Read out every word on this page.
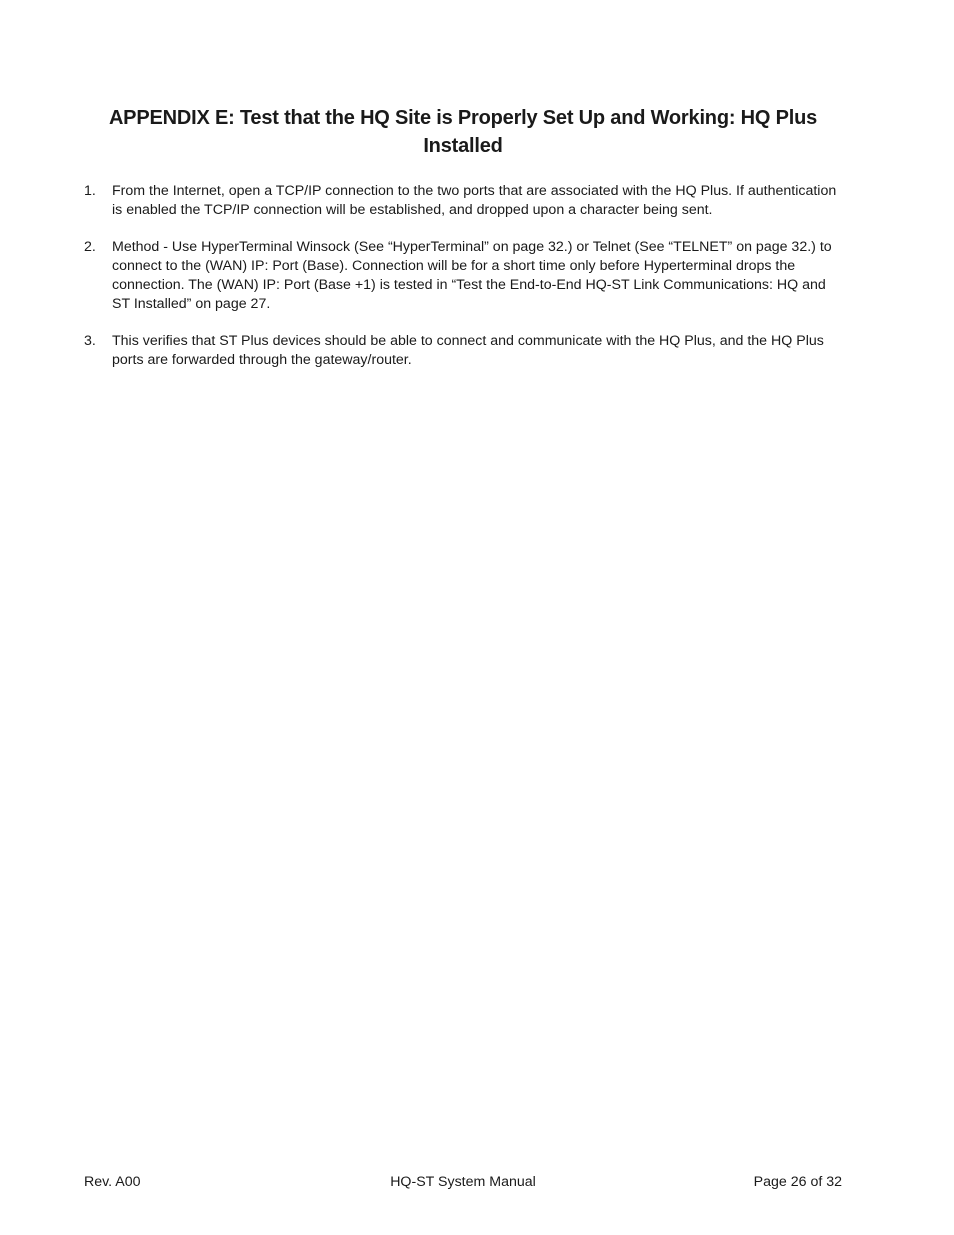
APPENDIX E: Test that the HQ Site is Properly Set Up and Working: HQ Plus
Installed
1.	From the Internet, open a TCP/IP connection to the two ports that are associated with the HQ Plus. If authentication is enabled the TCP/IP connection will be established, and dropped upon a character being sent.
2.	Method - Use HyperTerminal Winsock (See “HyperTerminal” on page 32.) or Telnet (See “TELNET” on page 32.) to connect to the (WAN) IP: Port (Base). Connection will be for a short time only before Hyperterminal drops the connection. The (WAN) IP: Port (Base +1) is tested in “Test the End-to-End HQ-ST Link Communications: HQ and ST Installed” on page 27.
3.	This verifies that ST Plus devices should be able to connect and communicate with the HQ Plus, and the HQ Plus ports are forwarded through the gateway/router.
Rev. A00	HQ-ST System Manual	Page 26 of 32
